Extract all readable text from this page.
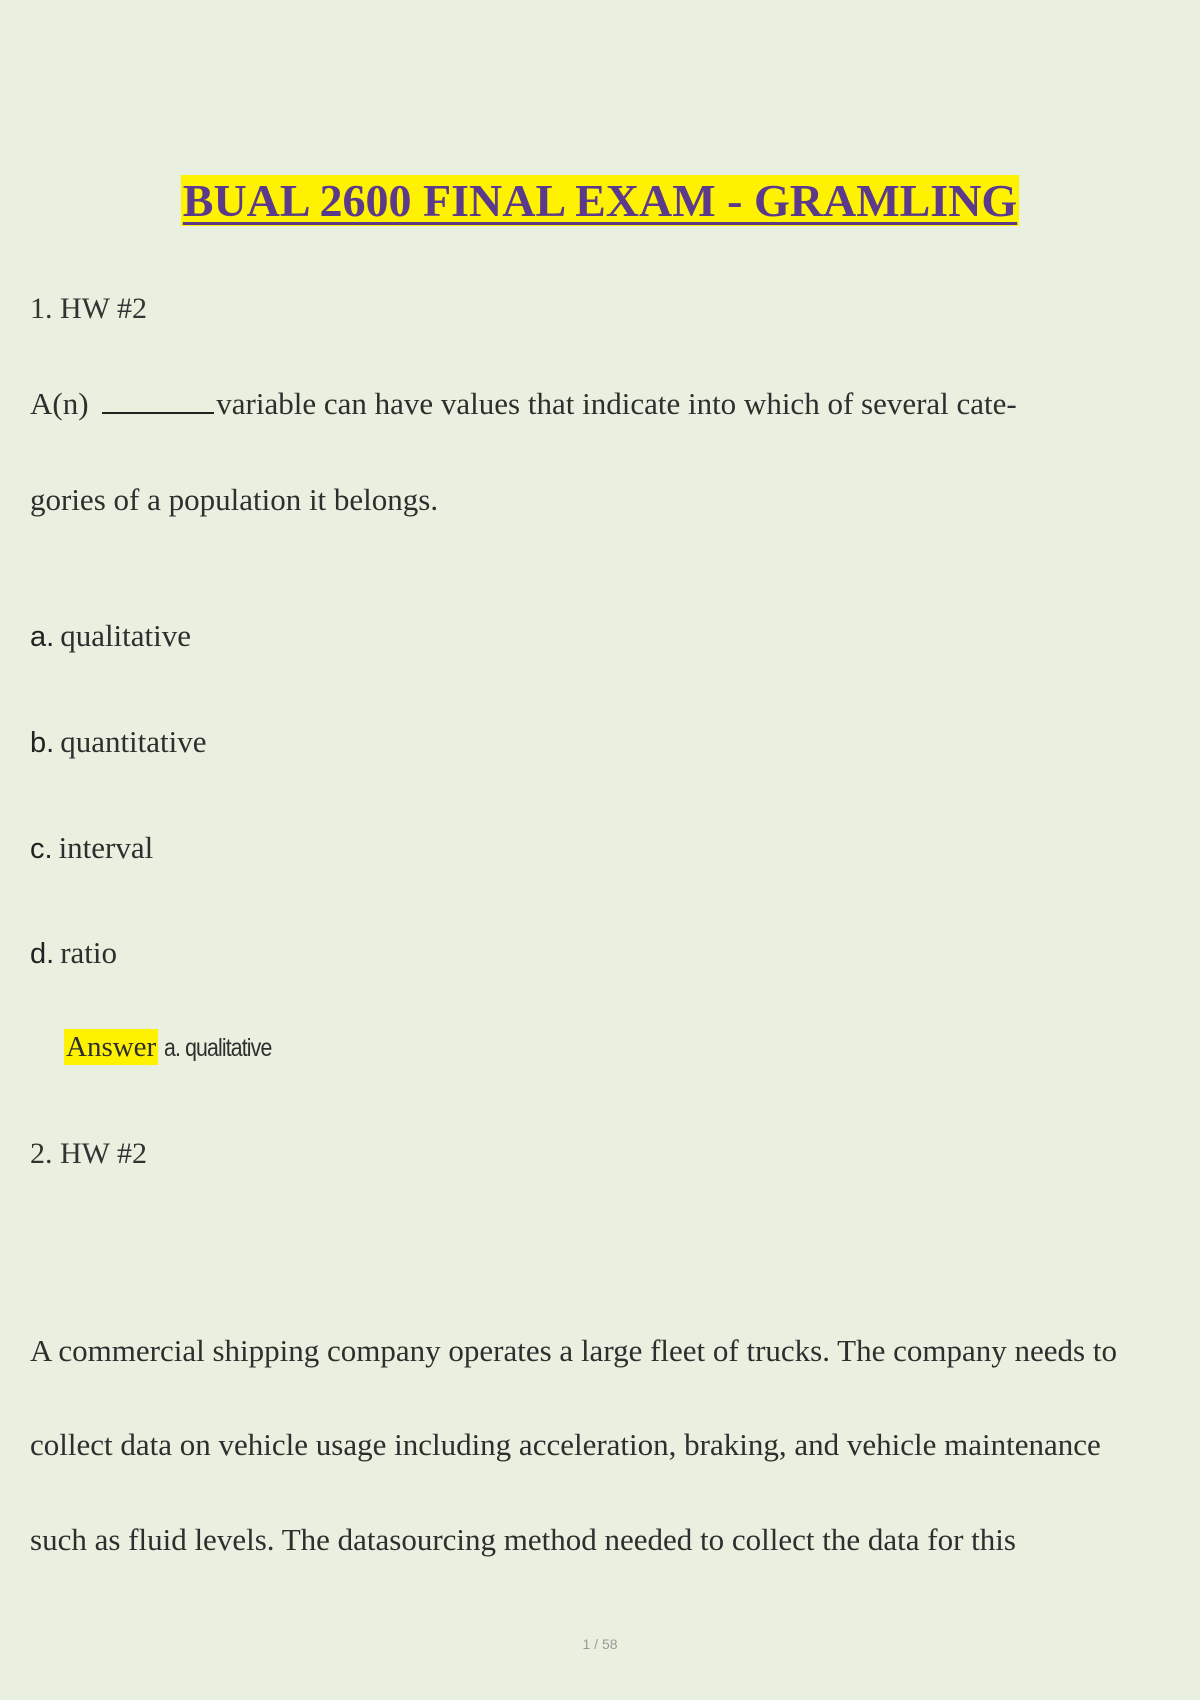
BUAL 2600 FINAL EXAM - GRAMLING
1. HW #2
A(n)	variable can have values that indicate into which of several cate-
gories of a population it belongs.
a. qualitative
b. quantitative
c. interval
d. ratio
Answer a. qualitative
2. HW #2
A commercial shipping company operates a large fleet of trucks. The company needs to
collect data on vehicle usage including acceleration, braking, and vehicle maintenance
such as fluid levels. The datasourcing method needed to collect the data for this
1 / 58
